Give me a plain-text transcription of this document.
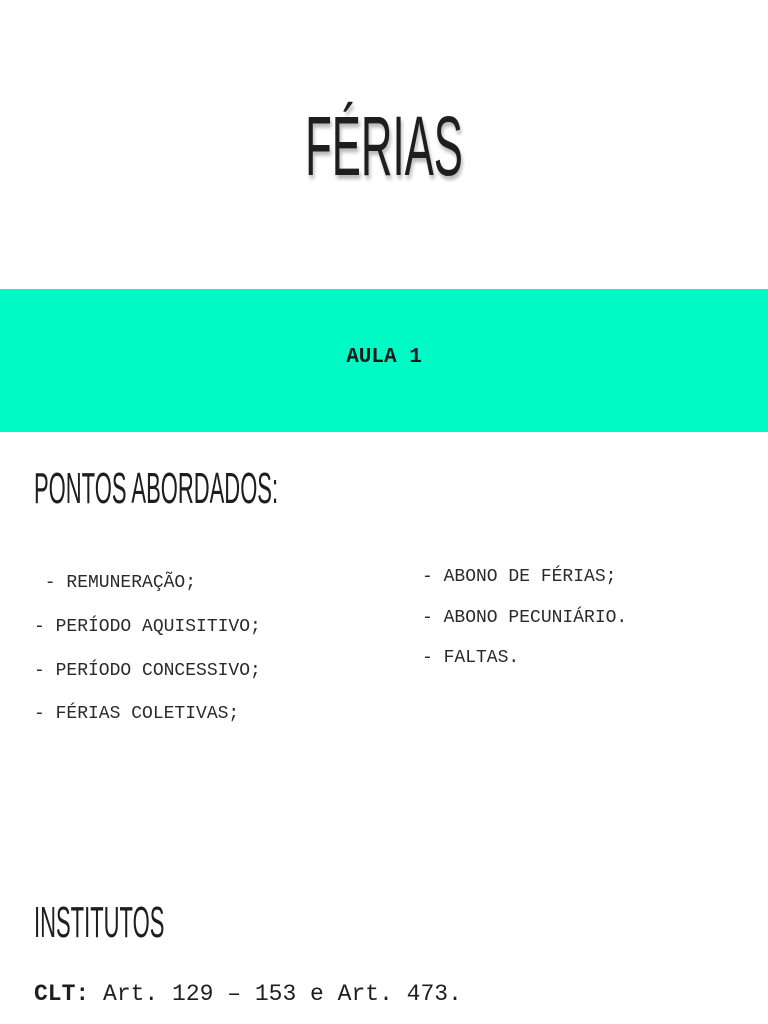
FÉRIAS
AULA 1
PONTOS ABORDADOS:
- REMUNERAÇÃO;
- PERÍODO AQUISITIVO;
- PERÍODO CONCESSIVO;
- FÉRIAS COLETIVAS;
- ABONO DE FÉRIAS;
- ABONO PECUNIÁRIO.
- FALTAS.
INSTITUTOS
CLT: Art. 129 – 153 e Art. 473.
